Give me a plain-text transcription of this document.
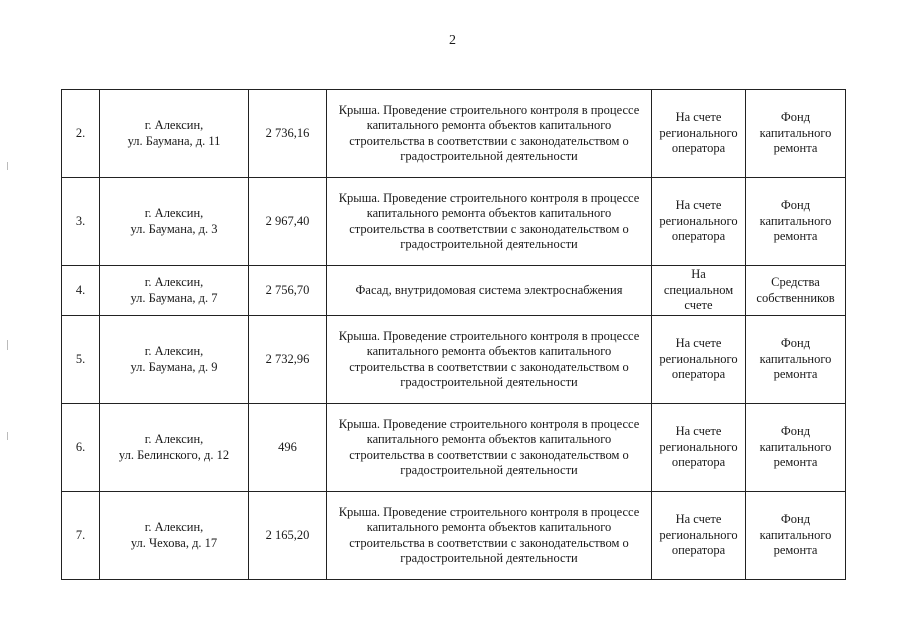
2
2.	г. Алексин,
ул. Баумана, д. 11	2 736,16	Крыша. Проведение строительного контроля в процессе
капитального ремонта объектов капитального
строительства в соответствии с законодательством о
градостроительной деятельности	На счете
регионального
оператора	Фонд
капитального
ремонта

3.	г. Алексин,
ул. Баумана, д. 3	2 967,40	Крыша. Проведение строительного контроля в процессе
капитального ремонта объектов капитального
строительства в соответствии с законодательством о
градостроительной деятельности	На счете
регионального
оператора	Фонд
капитального
ремонта

4.	г. Алексин,
ул. Баумана, д. 7	2 756,70	Фасад, внутридомовая система электроснабжения	На
специальном
счете	Средства
собственников

5.	г. Алексин,
ул. Баумана, д. 9	2 732,96	Крыша. Проведение строительного контроля в процессе
капитального ремонта объектов капитального
строительства в соответствии с законодательством о
градостроительной деятельности	На счете
регионального
оператора	Фонд
капитального
ремонта

6.	г. Алексин,
ул. Белинского, д. 12	496	Крыша. Проведение строительного контроля в процессе
капитального ремонта объектов капитального
строительства в соответствии с законодательством о
градостроительной деятельности	На счете
регионального
оператора	Фонд
капитального
ремонта

7.	г. Алексин,
ул. Чехова, д. 17	2 165,20	Крыша. Проведение строительного контроля в процессе
капитального ремонта объектов капитального
строительства в соответствии с законодательством о
градостроительной деятельности	На счете
регионального
оператора	Фонд
капитального
ремонта
